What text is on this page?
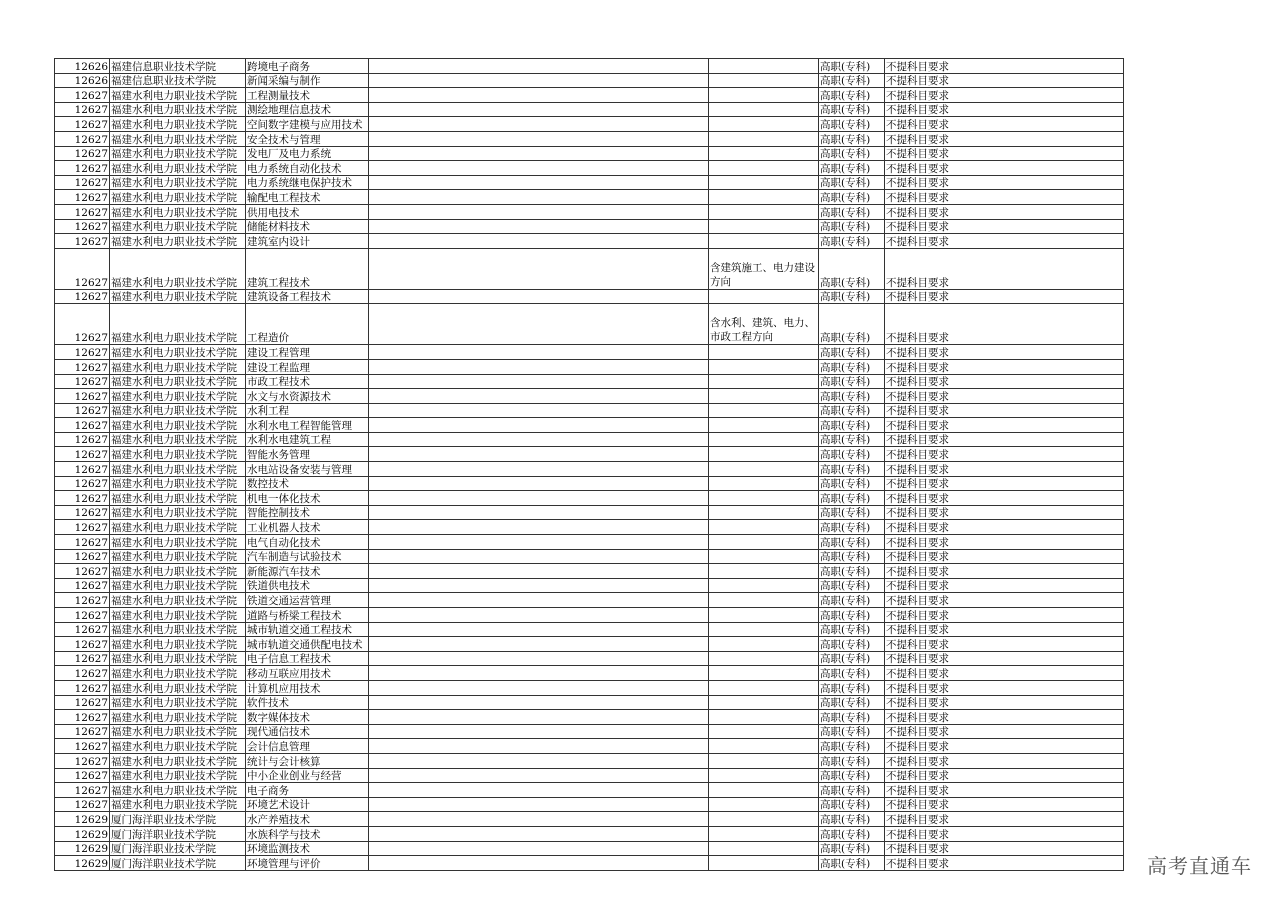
12626	福建信息职业技术学院	跨境电子商务			高职(专科)	不提科目要求
12626	福建信息职业技术学院	新闻采编与制作			高职(专科)	不提科目要求
12627	福建水利电力职业技术学院	工程测量技术			高职(专科)	不提科目要求
12627	福建水利电力职业技术学院	测绘地理信息技术			高职(专科)	不提科目要求
12627	福建水利电力职业技术学院	空间数字建模与应用技术			高职(专科)	不提科目要求
12627	福建水利电力职业技术学院	安全技术与管理			高职(专科)	不提科目要求
12627	福建水利电力职业技术学院	发电厂及电力系统			高职(专科)	不提科目要求
12627	福建水利电力职业技术学院	电力系统自动化技术			高职(专科)	不提科目要求
12627	福建水利电力职业技术学院	电力系统继电保护技术			高职(专科)	不提科目要求
12627	福建水利电力职业技术学院	输配电工程技术			高职(专科)	不提科目要求
12627	福建水利电力职业技术学院	供用电技术			高职(专科)	不提科目要求
12627	福建水利电力职业技术学院	储能材料技术			高职(专科)	不提科目要求
12627	福建水利电力职业技术学院	建筑室内设计			高职(专科)	不提科目要求
12627	福建水利电力职业技术学院	建筑工程技术		含建筑施工、电力建设方向	高职(专科)	不提科目要求
12627	福建水利电力职业技术学院	建筑设备工程技术			高职(专科)	不提科目要求
12627	福建水利电力职业技术学院	工程造价		含水利、建筑、电力、市政工程方向	高职(专科)	不提科目要求
12627	福建水利电力职业技术学院	建设工程管理			高职(专科)	不提科目要求
12627	福建水利电力职业技术学院	建设工程监理			高职(专科)	不提科目要求
12627	福建水利电力职业技术学院	市政工程技术			高职(专科)	不提科目要求
12627	福建水利电力职业技术学院	水文与水资源技术			高职(专科)	不提科目要求
12627	福建水利电力职业技术学院	水利工程			高职(专科)	不提科目要求
12627	福建水利电力职业技术学院	水利水电工程智能管理			高职(专科)	不提科目要求
12627	福建水利电力职业技术学院	水利水电建筑工程			高职(专科)	不提科目要求
12627	福建水利电力职业技术学院	智能水务管理			高职(专科)	不提科目要求
12627	福建水利电力职业技术学院	水电站设备安装与管理			高职(专科)	不提科目要求
12627	福建水利电力职业技术学院	数控技术			高职(专科)	不提科目要求
12627	福建水利电力职业技术学院	机电一体化技术			高职(专科)	不提科目要求
12627	福建水利电力职业技术学院	智能控制技术			高职(专科)	不提科目要求
12627	福建水利电力职业技术学院	工业机器人技术			高职(专科)	不提科目要求
12627	福建水利电力职业技术学院	电气自动化技术			高职(专科)	不提科目要求
12627	福建水利电力职业技术学院	汽车制造与试验技术			高职(专科)	不提科目要求
12627	福建水利电力职业技术学院	新能源汽车技术			高职(专科)	不提科目要求
12627	福建水利电力职业技术学院	铁道供电技术			高职(专科)	不提科目要求
12627	福建水利电力职业技术学院	铁道交通运营管理			高职(专科)	不提科目要求
12627	福建水利电力职业技术学院	道路与桥梁工程技术			高职(专科)	不提科目要求
12627	福建水利电力职业技术学院	城市轨道交通工程技术			高职(专科)	不提科目要求
12627	福建水利电力职业技术学院	城市轨道交通供配电技术			高职(专科)	不提科目要求
12627	福建水利电力职业技术学院	电子信息工程技术			高职(专科)	不提科目要求
12627	福建水利电力职业技术学院	移动互联应用技术			高职(专科)	不提科目要求
12627	福建水利电力职业技术学院	计算机应用技术			高职(专科)	不提科目要求
12627	福建水利电力职业技术学院	软件技术			高职(专科)	不提科目要求
12627	福建水利电力职业技术学院	数字媒体技术			高职(专科)	不提科目要求
12627	福建水利电力职业技术学院	现代通信技术			高职(专科)	不提科目要求
12627	福建水利电力职业技术学院	会计信息管理			高职(专科)	不提科目要求
12627	福建水利电力职业技术学院	统计与会计核算			高职(专科)	不提科目要求
12627	福建水利电力职业技术学院	中小企业创业与经营			高职(专科)	不提科目要求
12627	福建水利电力职业技术学院	电子商务			高职(专科)	不提科目要求
12627	福建水利电力职业技术学院	环境艺术设计			高职(专科)	不提科目要求
12629	厦门海洋职业技术学院	水产养殖技术			高职(专科)	不提科目要求
12629	厦门海洋职业技术学院	水族科学与技术			高职(专科)	不提科目要求
12629	厦门海洋职业技术学院	环境监测技术			高职(专科)	不提科目要求
12629	厦门海洋职业技术学院	环境管理与评价			高职(专科)	不提科目要求	高考直通车
